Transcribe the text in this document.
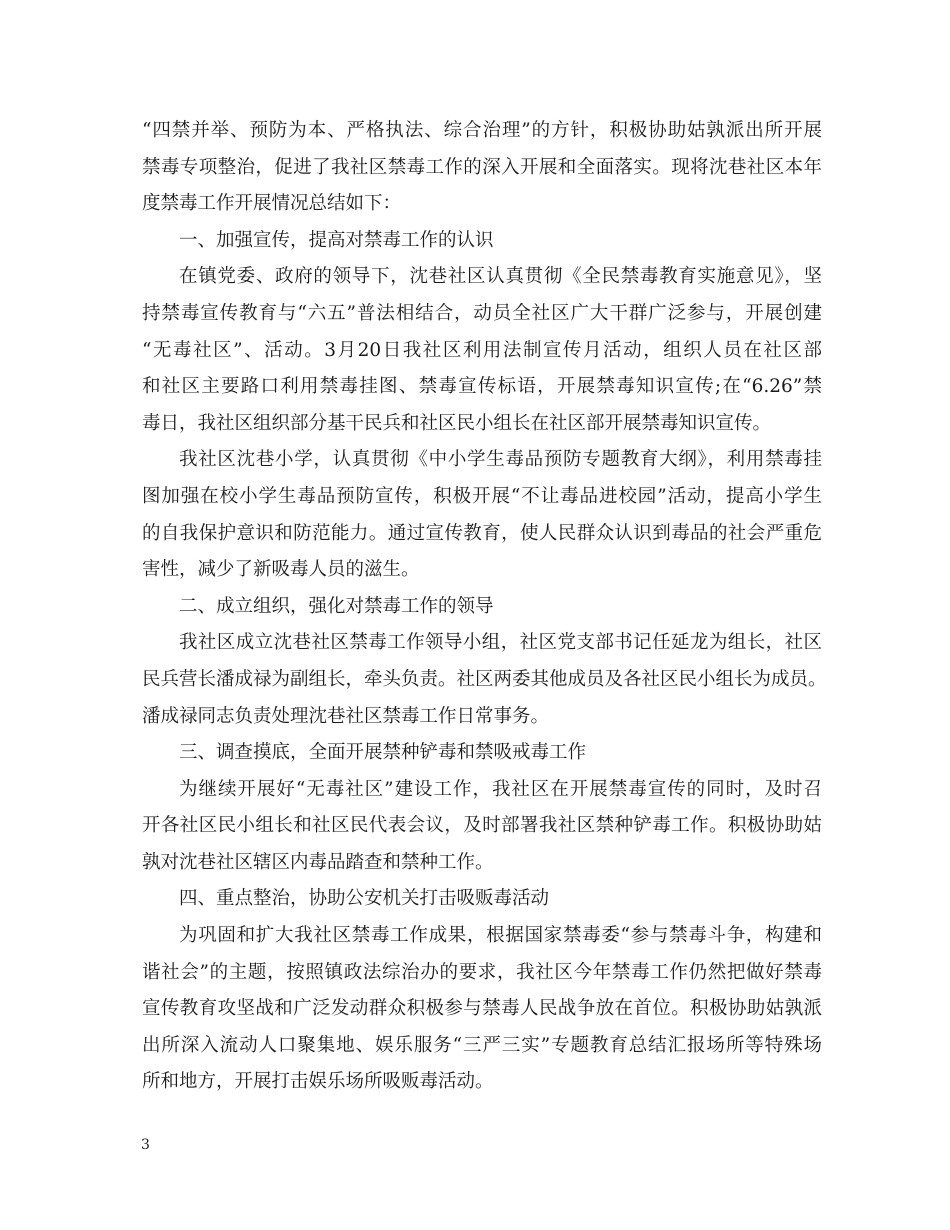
“四禁并举、预防为本、严格执法、综合治理”的方针，积极协助姑孰派出所开展
禁毒专项整治，促进了我社区禁毒工作的深入开展和全面落实。现将沈巷社区本年
度禁毒工作开展情况总结如下：
一、加强宣传，提高对禁毒工作的认识
在镇党委、政府的领导下，沈巷社区认真贯彻《全民禁毒教育实施意见》，坚
持禁毒宣传教育与“六五”普法相结合，动员全社区广大干群广泛参与，开展创建
“无毒社区”、活动。3月20日我社区利用法制宣传月活动，组织人员在社区部
和社区主要路口利用禁毒挂图、禁毒宣传标语，开展禁毒知识宣传;在“6.26”禁
毒日，我社区组织部分基干民兵和社区民小组长在社区部开展禁毒知识宣传。
我社区沈巷小学，认真贯彻《中小学生毒品预防专题教育大纲》，利用禁毒挂
图加强在校小学生毒品预防宣传，积极开展“不让毒品进校园”活动，提高小学生
的自我保护意识和防范能力。通过宣传教育，使人民群众认识到毒品的社会严重危
害性，减少了新吸毒人员的滋生。
二、成立组织，强化对禁毒工作的领导
我社区成立沈巷社区禁毒工作领导小组，社区党支部书记任延龙为组长，社区
民兵营长潘成禄为副组长，牵头负责。社区两委其他成员及各社区民小组长为成员。
潘成禄同志负责处理沈巷社区禁毒工作日常事务。
三、调查摸底，全面开展禁种铲毒和禁吸戒毒工作
为继续开展好“无毒社区”建设工作，我社区在开展禁毒宣传的同时，及时召
开各社区民小组长和社区民代表会议，及时部署我社区禁种铲毒工作。积极协助姑
孰对沈巷社区辖区内毒品踏查和禁种工作。
四、重点整治，协助公安机关打击吸贩毒活动
为巩固和扩大我社区禁毒工作成果，根据国家禁毒委“参与禁毒斗争，构建和
谐社会”的主题，按照镇政法综治办的要求，我社区今年禁毒工作仍然把做好禁毒
宣传教育攻坚战和广泛发动群众积极参与禁毒人民战争放在首位。积极协助姑孰派
出所深入流动人口聚集地、娱乐服务“三严三实”专题教育总结汇报场所等特殊场
所和地方，开展打击娱乐场所吸贩毒活动。
3
